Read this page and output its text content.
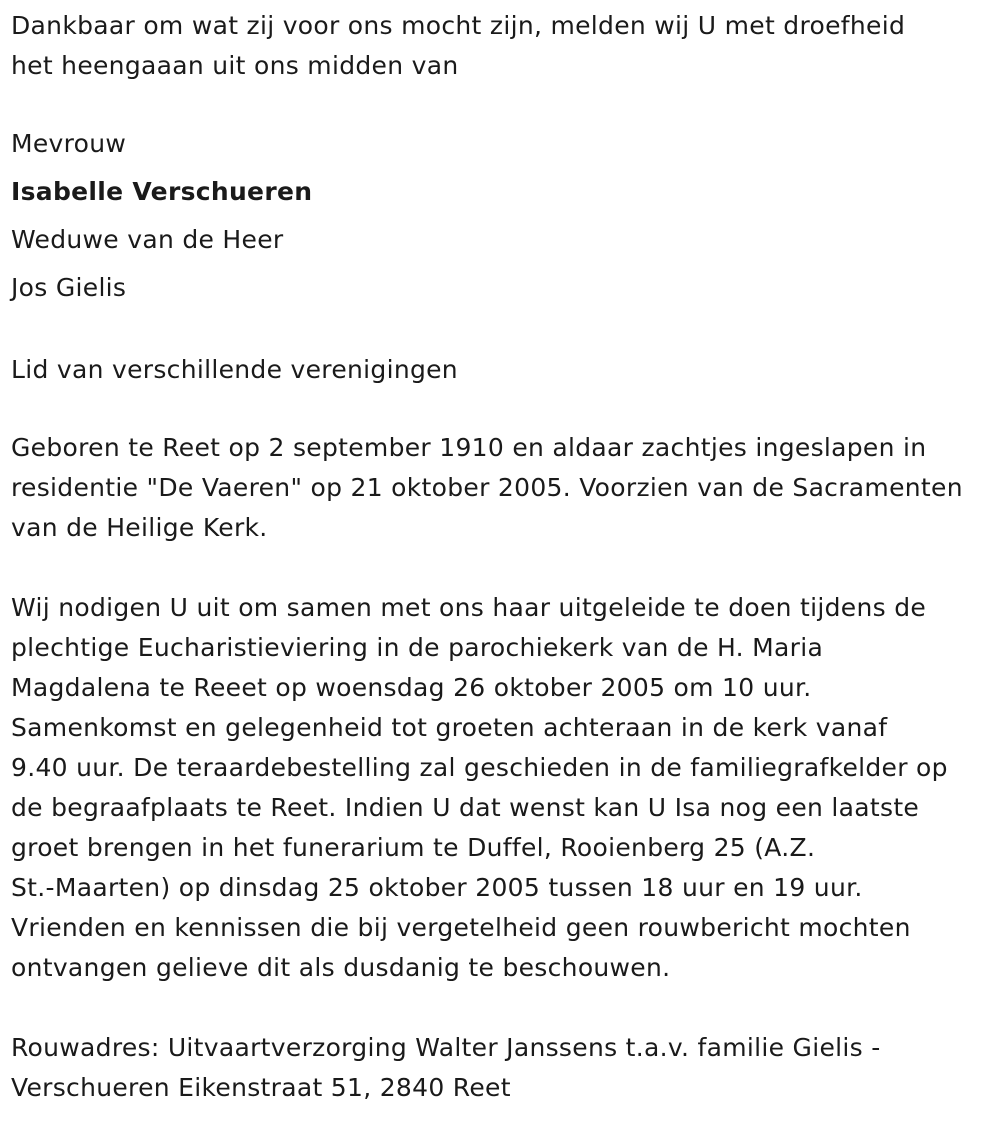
Dankbaar om wat zij voor ons mocht zijn, melden wij U met droefheid
het heengaaan uit ons midden van

Mevrouw

Isabelle Verschueren

Weduwe van de Heer

Jos Gielis

Lid van verschillende verenigingen

Geboren te Reet op 2 september 1910 en aldaar zachtjes ingeslapen in
residentie "De Vaeren" op 21 oktober 2005. Voorzien van de Sacramenten
van de Heilige Kerk.

Wij nodigen U uit om samen met ons haar uitgeleide te doen tijdens de
plechtige Eucharistieviering in de parochiekerk van de H. Maria
Magdalena te Reeet op woensdag 26 oktober 2005 om 10 uur.
Samenkomst en gelegenheid tot groeten achteraan in de kerk vanaf
9.40 uur. De teraardebestelling zal geschieden in de familiegrafkelder op
de begraafplaats te Reet. Indien U dat wenst kan U Isa nog een laatste
groet brengen in het funerarium te Duffel, Rooienberg 25 (A.Z.
St.-Maarten) op dinsdag 25 oktober 2005 tussen 18 uur en 19 uur.
Vrienden en kennissen die bij vergetelheid geen rouwbericht mochten
ontvangen gelieve dit als dusdanig te beschouwen.

Rouwadres: Uitvaartverzorging Walter Janssens t.a.v. familie Gielis -
Verschueren Eikenstraat 51, 2840 Reet
